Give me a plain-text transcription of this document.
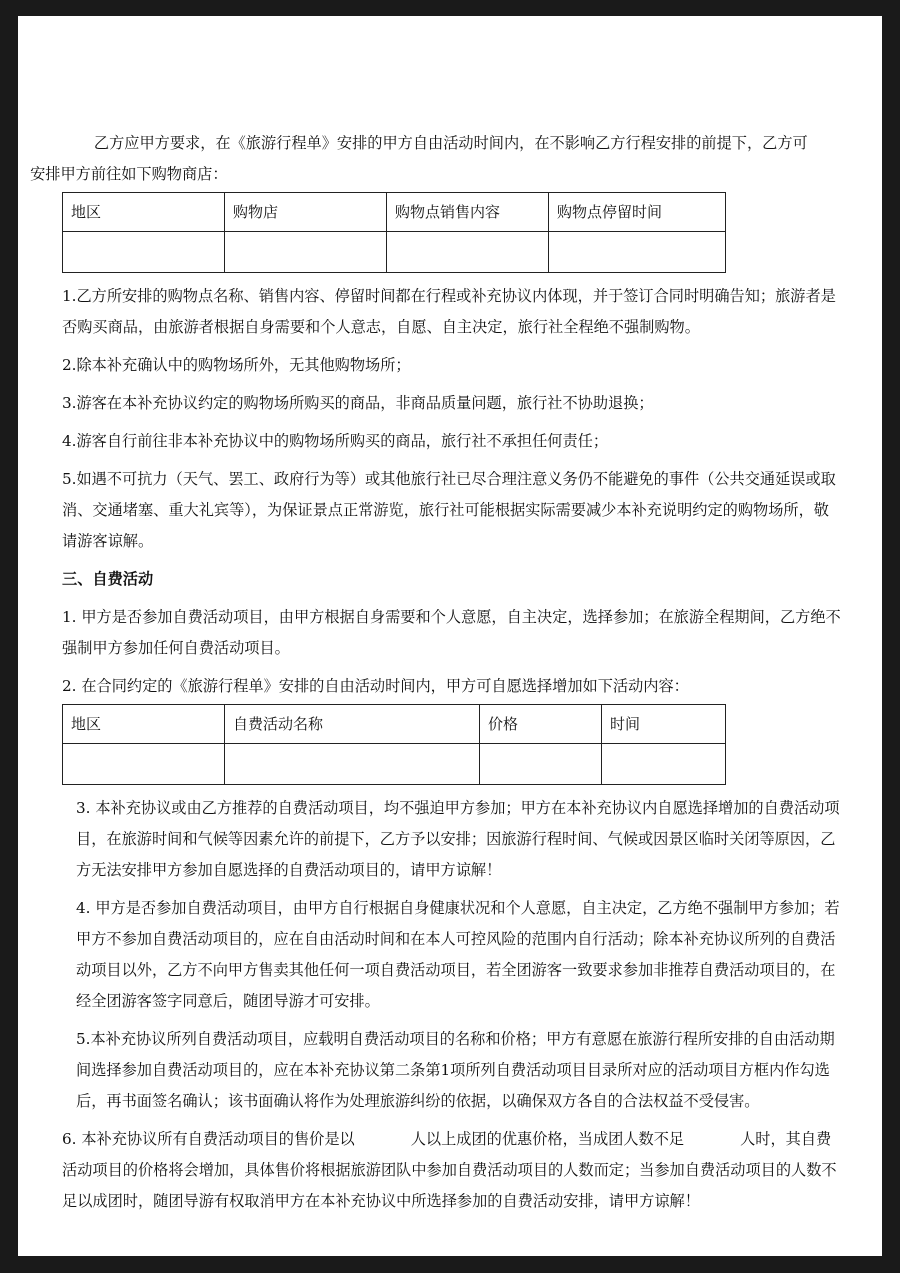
乙方应甲方要求，在《旅游行程单》安排的甲方自由活动时间内，在不影响乙方行程安排的前提下，乙方可
安排甲方前往如下购物商店：

地区	购物店	购物点销售内容	购物点停留时间

1.乙方所安排的购物点名称、销售内容、停留时间都在行程或补充协议内体现，并于签订合同时明确告知；旅游者是否购买商品，由旅游者根据自身需要和个人意志，自愿、自主决定，旅行社全程绝不强制购物。

2.除本补充确认中的购物场所外，无其他购物场所；

3.游客在本补充协议约定的购物场所购买的商品，非商品质量问题，旅行社不协助退换；

4.游客自行前往非本补充协议中的购物场所购买的商品，旅行社不承担任何责任；

5.如遇不可抗力（天气、罢工、政府行为等）或其他旅行社已尽合理注意义务仍不能避免的事件（公共交通延误或取消、交通堵塞、重大礼宾等），为保证景点正常游览，旅行社可能根据实际需要减少本补充说明约定的购物场所，敬请游客谅解。

三、自费活动

1. 甲方是否参加自费活动项目，由甲方根据自身需要和个人意愿，自主决定，选择参加；在旅游全程期间，乙方绝不强制甲方参加任何自费活动项目。

2. 在合同约定的《旅游行程单》安排的自由活动时间内，甲方可自愿选择增加如下活动内容：

地区	自费活动名称	价格	时间

3. 本补充协议或由乙方推荐的自费活动项目，均不强迫甲方参加；甲方在本补充协议内自愿选择增加的自费活动项目，在旅游时间和气候等因素允许的前提下，乙方予以安排；因旅游行程时间、气候或因景区临时关闭等原因，乙方无法安排甲方参加自愿选择的自费活动项目的，请甲方谅解！

4. 甲方是否参加自费活动项目，由甲方自行根据自身健康状况和个人意愿，自主决定，乙方绝不强制甲方参加；若甲方不参加自费活动项目的，应在自由活动时间和在本人可控风险的范围内自行活动；除本补充协议所列的自费活动项目以外，乙方不向甲方售卖其他任何一项自费活动项目，若全团游客一致要求参加非推荐自费活动项目的，在经全团游客签字同意后，随团导游才可安排。

5.本补充协议所列自费活动项目，应载明自费活动项目的名称和价格；甲方有意愿在旅游行程所安排的自由活动期间选择参加自费活动项目的，应在本补充协议第二条第1项所列自费活动项目目录所对应的活动项目方框内作勾选后，再书面签名确认；该书面确认将作为处理旅游纠纷的依据，以确保双方各自的合法权益不受侵害。

6. 本补充协议所有自费活动项目的售价是以	人以上成团的优惠价格，当成团人数不足	人时，其自费活动项目的价格将会增加，具体售价将根据旅游团队中参加自费活动项目的人数而定；当参加自费活动项目的人数不足以成团时，随团导游有权取消甲方在本补充协议中所选择参加的自费活动安排，请甲方谅解！
